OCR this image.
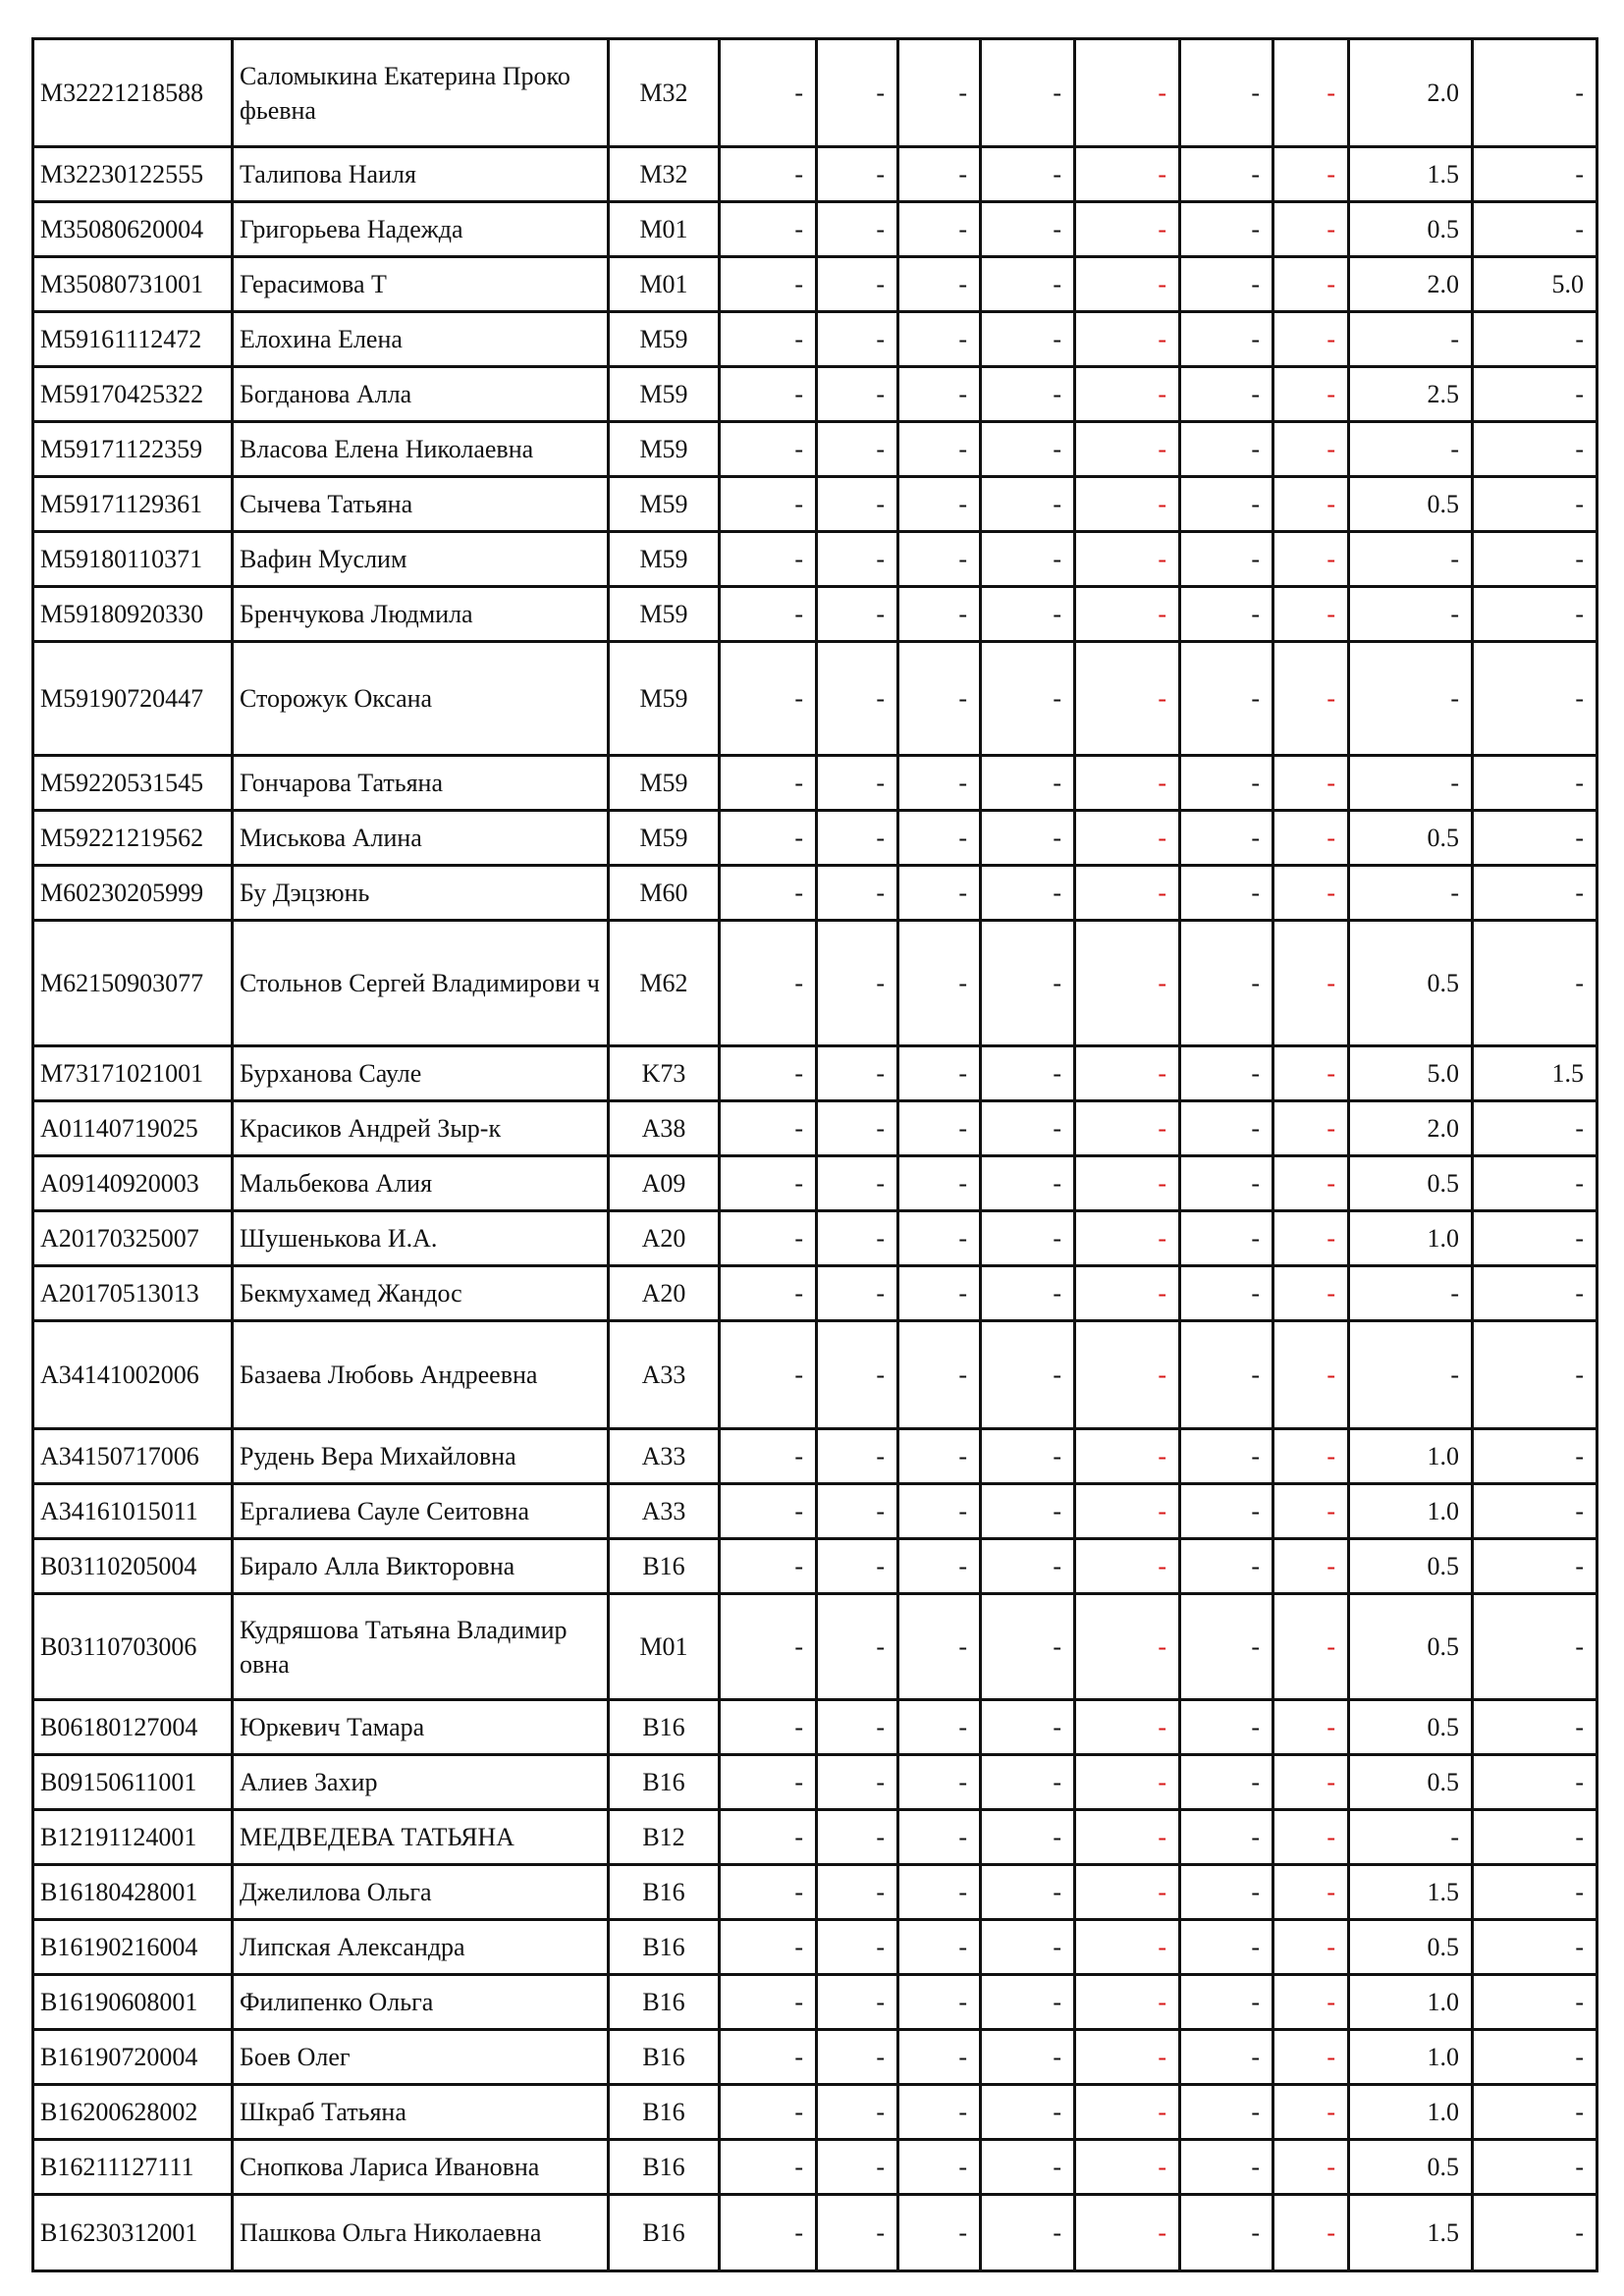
M32221218588	Саломыкина Екатерина Проко фьевна	M32	-	-	-	-	-	-	-	2.0	-
M32230122555	Талипова Наиля	M32	-	-	-	-	-	-	-	1.5	-
M35080620004	Григорьева Надежда	M01	-	-	-	-	-	-	-	0.5	-
M35080731001	Герасимова Т	M01	-	-	-	-	-	-	-	2.0	5.0
M59161112472	Елохина Елена	M59	-	-	-	-	-	-	-	-	-
M59170425322	Богданова Алла	M59	-	-	-	-	-	-	-	2.5	-
M59171122359	Власова Елена Николаевна	M59	-	-	-	-	-	-	-	-	-
M59171129361	Сычева Татьяна	M59	-	-	-	-	-	-	-	0.5	-
M59180110371	Вафин Муслим	M59	-	-	-	-	-	-	-	-	-
M59180920330	Бренчукова Людмила	M59	-	-	-	-	-	-	-	-	-
M59190720447	Сторожук Оксана	M59	-	-	-	-	-	-	-	-	-
M59220531545	Гончарова Татьяна	M59	-	-	-	-	-	-	-	-	-
M59221219562	Миськова Алина	M59	-	-	-	-	-	-	-	0.5	-
M60230205999	Бу Дэцзюнь	M60	-	-	-	-	-	-	-	-	-
M62150903077	Стольнов Сергей Владимирови ч	M62	-	-	-	-	-	-	-	0.5	-
M73171021001	Бурханова Сауле	K73	-	-	-	-	-	-	-	5.0	1.5
A01140719025	Красиков Андрей Зыр-к	A38	-	-	-	-	-	-	-	2.0	-
A09140920003	Мальбекова Алия	A09	-	-	-	-	-	-	-	0.5	-
A20170325007	Шушенькова И.А.	A20	-	-	-	-	-	-	-	1.0	-
A20170513013	Бекмухамед Жандос	A20	-	-	-	-	-	-	-	-	-
A34141002006	Базаева Любовь Андреевна	A33	-	-	-	-	-	-	-	-	-
A34150717006	Рудень Вера Михайловна	A33	-	-	-	-	-	-	-	1.0	-
A34161015011	Ергалиева Сауле Сеитовна	A33	-	-	-	-	-	-	-	1.0	-
B03110205004	Бирало Алла Викторовна	B16	-	-	-	-	-	-	-	0.5	-
B03110703006	Кудряшова Татьяна Владимир овна	M01	-	-	-	-	-	-	-	0.5	-
B06180127004	Юркевич Тамара	B16	-	-	-	-	-	-	-	0.5	-
B09150611001	Алиев Захир	B16	-	-	-	-	-	-	-	0.5	-
B12191124001	МЕДВЕДЕВА ТАТЬЯНА	B12	-	-	-	-	-	-	-	-	-
B16180428001	Джелилова Ольга	B16	-	-	-	-	-	-	-	1.5	-
B16190216004	Липская Александра	B16	-	-	-	-	-	-	-	0.5	-
B16190608001	Филипенко Ольга	B16	-	-	-	-	-	-	-	1.0	-
B16190720004	Боев Олег	B16	-	-	-	-	-	-	-	1.0	-
B16200628002	Шкраб Татьяна	B16	-	-	-	-	-	-	-	1.0	-
B16211127111	Снопкова Лариса Ивановна	B16	-	-	-	-	-	-	-	0.5	-
B16230312001	Пашкова Ольга Николаевна	B16	-	-	-	-	-	-	-	1.5	-
